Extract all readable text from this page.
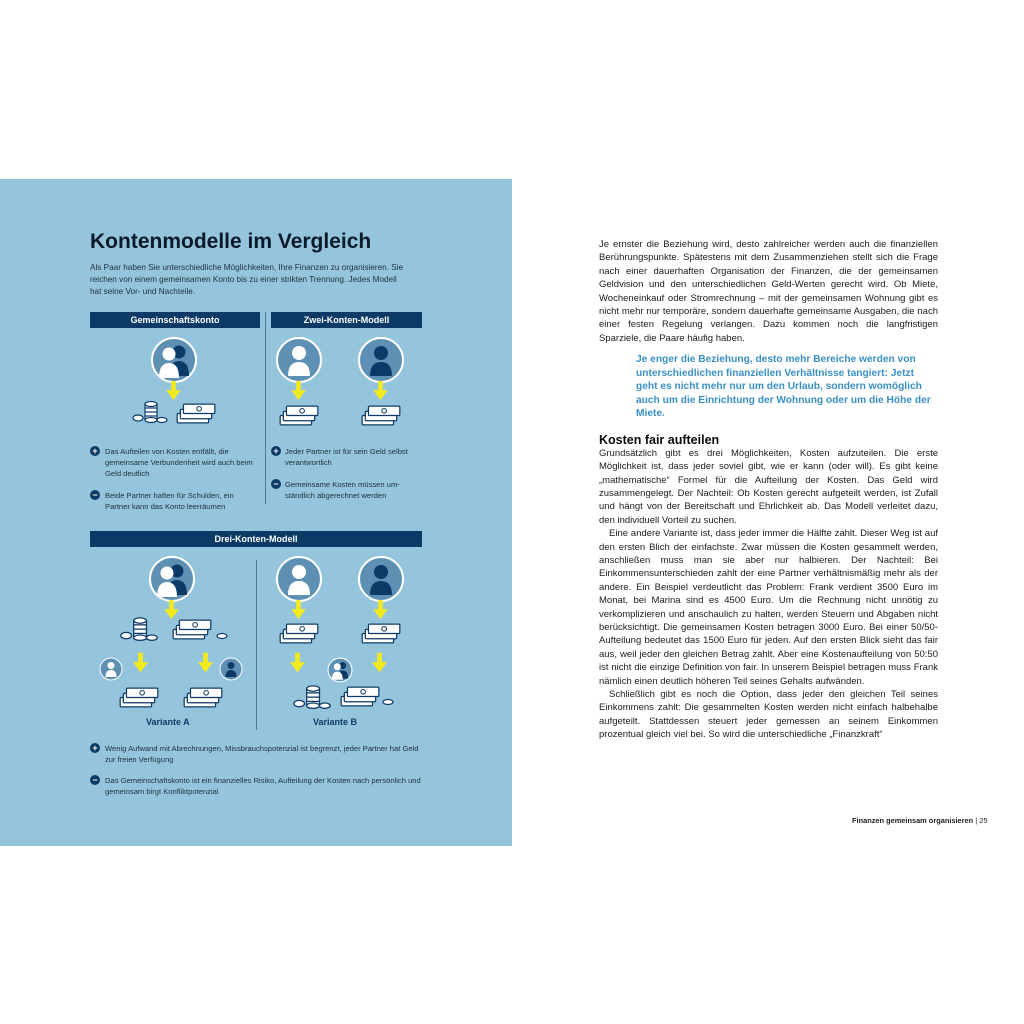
Kontenmodelle im Vergleich
Als Paar haben Sie unterschiedliche Möglichkeiten, Ihre Finanzen zu organisieren. Sie reichen von einem gemeinsamen Konto bis zu einer strikten Trennung. Jedes Modell hat seine Vor- und Nachteile.
Gemeinschaftskonto	Zwei-Konten-Modell
Drei-Konten-Modell
Variante A	Variante B
+ Das Aufteilen von Kosten entfällt, die gemeinsame Verbundenheit wird auch beim Geld deutlich
− Beide Partner haften für Schulden, ein Partner kann das Konto leerräumen
+ Jeder Partner ist für sein Geld selbst verantwortlich
− Gemeinsame Kosten müssen um-ständlich abgerechnet werden
+ Wenig Aufwand mit Abrechnungen, Missbrauchspotenzial ist begrenzt, jeder Partner hat Geld zur freien Verfügung
− Das Gemeinschaftskonto ist ein finanzielles Risiko, Aufteilung der Kosten nach persönlich und gemeinsam birgt Konfliktpotenzial

Je ernster die Beziehung wird, desto zahlreicher werden auch die finanziellen Berührungspunkte. Spätestens mit dem Zusammenziehen stellt sich die Frage nach einer dauerhaften Organisation der Finanzen, die der gemeinsamen Geldvision und den unterschiedlichen Geld-Werten gerecht wird. Ob Miete, Wocheneinkauf oder Stromrechnung – mit der gemeinsamen Wohnung gibt es nicht mehr nur temporäre, sondern dauerhafte gemeinsame Ausgaben, die nach einer festen Regelung verlangen. Dazu kommen noch die langfristigen Sparziele, die Paare häufig haben.

Je enger die Beziehung, desto mehr Bereiche werden von unterschiedlichen finanziellen Verhältnisse tangiert: Jetzt geht es nicht mehr nur um den Urlaub, sondern womöglich auch um die Einrichtung der Wohnung oder um die Höhe der Miete.

Kosten fair aufteilen

Grundsätzlich gibt es drei Möglichkeiten, Kosten aufzuteilen. Die erste Möglichkeit ist, dass jeder soviel gibt, wie er kann (oder will). Es gibt keine „mathematische“ Formel für die Aufteilung der Kosten. Das Geld wird zusammengelegt. Der Nachteil: Ob Kosten gerecht aufgeteilt werden, ist Zufall und hängt von der Bereitschaft und Ehrlichkeit ab. Das Modell verleitet dazu, den individuell Vorteil zu suchen.

Eine andere Variante ist, dass jeder immer die Hälfte zahlt. Dieser Weg ist auf den ersten Blich der einfachste. Zwar müssen die Kosten gesammelt werden, anschließen muss man sie aber nur halbieren. Der Nachteil: Bei Einkommensunterschieden zahlt der eine Partner verhältnismäßig mehr als der andere. Ein Beispiel verdeutlicht das Problem: Frank verdient 3500 Euro im Monat, bei Marina sind es 4500 Euro. Um die Rechnung nicht unnötig zu verkomplizieren und anschaulich zu halten, werden Steuern und Abgaben nicht berücksichtigt. Die gemeinsamen Kosten betragen 3000 Euro. Bei einer 50/50-Aufteilung bedeutet das 1500 Euro für jeden. Auf den ersten Blick sieht das fair aus, weil jeder den gleichen Betrag zahlt. Aber eine Kostenaufteilung von 50:50 ist nicht die einzige Definition von fair. In unserem Beispiel betragen muss Frank nämlich einen deutlich höheren Teil seines Gehalts aufwänden.

Schließlich gibt es noch die Option, dass jeder den gleichen Teil seines Einkommens zahlt: Die gesammelten Kosten werden nicht einfach halbehalbe aufgeteilt. Stattdessen steuert jeder gemessen an seinem Einkommen prozentual gleich viel bei. So wird die unterschiedliche „Finanzkraft“

Finanzen gemeinsam organisieren | 25
